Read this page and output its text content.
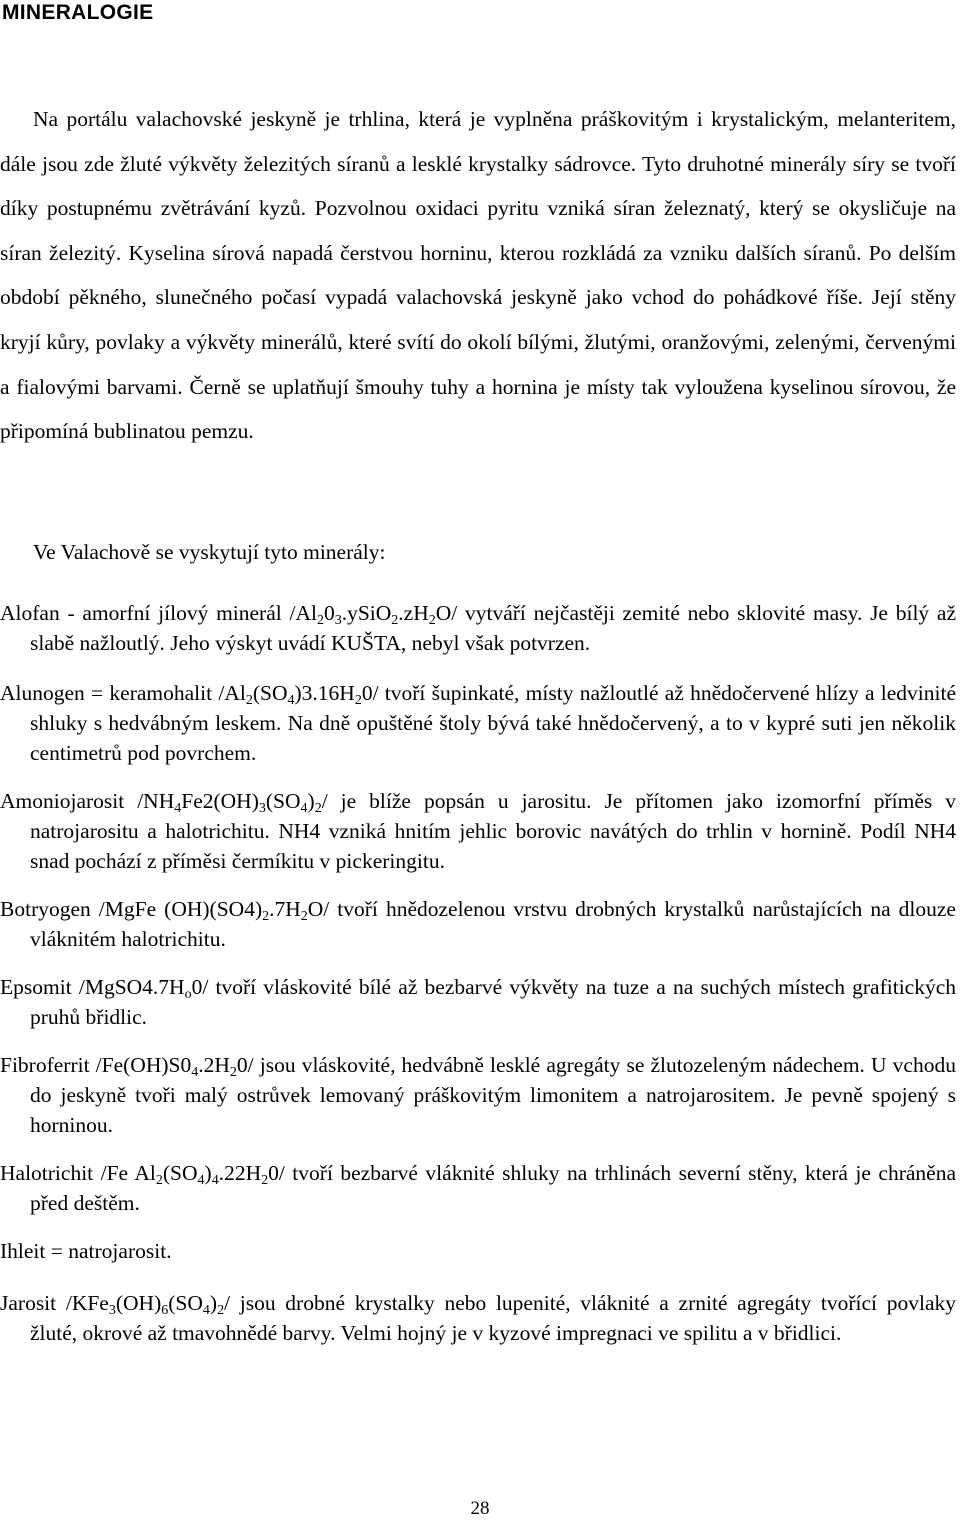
MINERALOGIE
Na portálu valachovské jeskyně je trhlina, která je vyplněna práškovitým i krystalickým, melanteritem, dále jsou zde žluté výkvěty železitých síranů a lesklé krystalky sádrovce. Tyto druhotné minerály síry se tvoří díky postupnému zvětrávání kyzů. Pozvolnou oxidaci pyritu vzniká síran železnatý, který se okysličuje na síran železitý. Kyselina sírová napadá čerstvou horninu, kterou rozkládá za vzniku dalších síranů. Po delším období pěkného, slunečného počasí vypadá valachovská jeskyně jako vchod do pohádkové říše. Její stěny kryjí kůry, povlaky a výkvěty minerálů, které svítí do okolí bílými, žlutými, oranžovými, zelenými, červenými a fialovými barvami. Černě se uplatňují šmouhy tuhy a hornina je místy tak vyloužena kyselinou sírovou, že připomíná bublinatou pemzu.
Ve Valachově se vyskytují tyto minerály:
Alofan - amorfní jílový minerál $/Al_20_3.ySiO_2.zH_2O/$ vytváří nejčastěji zemité nebo sklovité masy. Je bílý až slabě nažloutlý. Jeho výskyt uvádí KUŠTA, nebyl však potvrzen.
Alunogen = keramohalit $/Al_2(SO_4)3.16H_20/$ tvoří šupinkaté, místy nažloutlé až hnědočervené hlízy a ledvinité shluky s hedvábným leskem. Na dně opuštěné štoly bývá také hnědočervený, a to v kypré suti jen několik centimetrů pod povrchem.
Amoniojarosit $/NH_4Fe2(OH)_3(SO_4)_2/$ je blíže popsán u jarositu. Je přítomen jako izomorfní příměs v natrojarositu a halotrichitu. NH4 vzniká hnitím jehlic borovic navátých do trhlin v hornině. Podíl NH4 snad pochází z příměsi čermíkitu v pickeringitu.
Botryogen /MgFe $(OH)(SO4)_2.7H_2O/$ tvoří hnědozelenou vrstvu drobných krystalků narůstajících na dlouze vláknitém halotrichitu.
Epsomit $/MgSO4.7H_o0/$ tvoří vláskovité bílé až bezbarvé výkvěty na tuze a na suchých místech grafitických pruhů břidlic.
Fibroferrit $/Fe(OH)S0_4.2H_20/$ jsou vláskovité, hedvábně lesklé agregáty se žlutozeleným nádechem. U vchodu do jeskyně tvoři malý ostrůvek lemovaný práškovitým limonitem a natrojarositem. Je pevně spojený s horninou.
Halotrichit /Fe $Al_2(SO_4)_4.22H_20/$ tvoří bezbarvé vláknité shluky na trhlinách severní stěny, která je chráněna před deštěm.
Ihleit = natrojarosit.
Jarosit $/KFe_3(OH)_6(SO_4)_2/$ jsou drobné krystalky nebo lupenité, vláknité a zrnité agregáty tvořící povlaky žluté, okrové až tmavohnědé barvy. Velmi hojný je v kyzové impregnaci ve spilitu a v břidlici.
28
